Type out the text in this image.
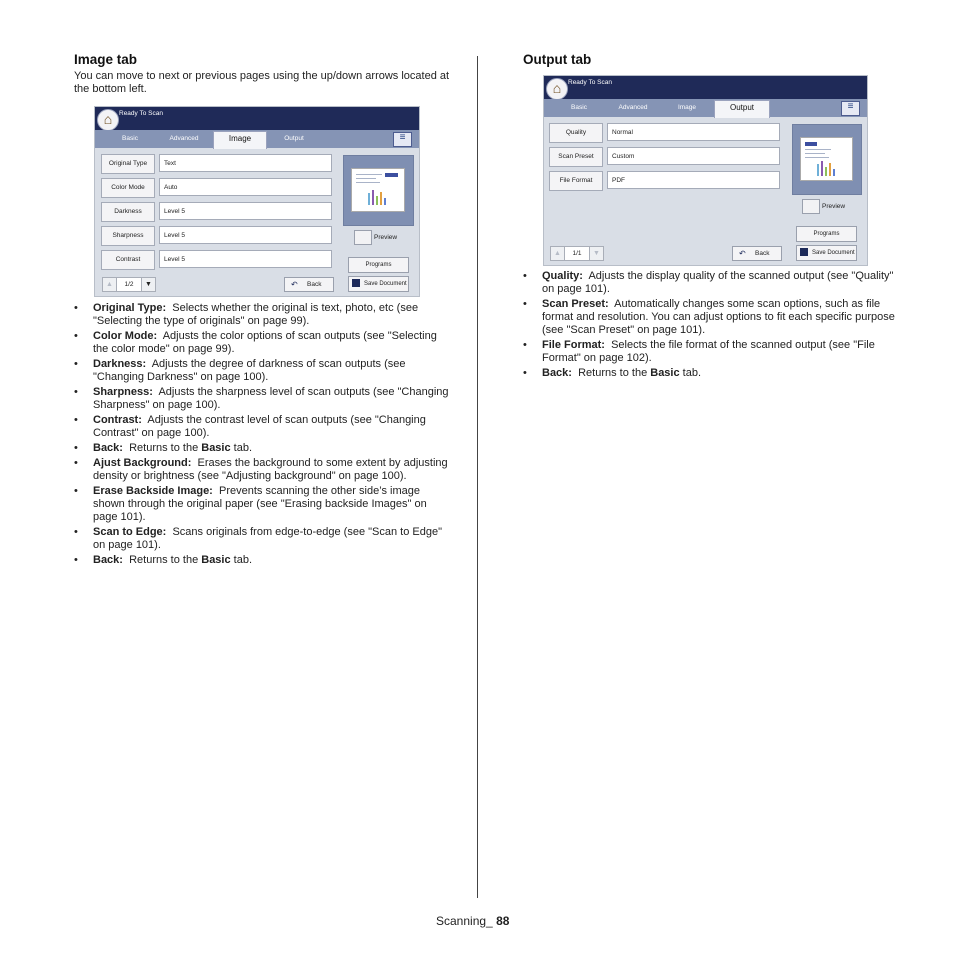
Image tab

You can move to next or previous pages using the up/down arrows located at the bottom left.

⌂
Ready To Scan
Basic	Advanced	Image	Output
≡
Original Type	Text
Color Mode	Auto
Darkness	Level 5
Sharpness	Level 5
Contrast	Level 5
Preview
Programs
Save Document
▲	1/2	▼	↶ Back
• Original Type: Selects whether the original is text, photo, etc (see "Selecting the type of originals" on page 99).
• Color Mode: Adjusts the color options of scan outputs (see "Selecting the color mode" on page 99).
• Darkness: Adjusts the degree of darkness of scan outputs (see "Changing Darkness" on page 100).
• Sharpness: Adjusts the sharpness level of scan outputs (see "Changing Sharpness" on page 100).
• Contrast: Adjusts the contrast level of scan outputs (see "Changing Contrast" on page 100).
• Back: Returns to the Basic tab.
• Ajust Background: Erases the background to some extent by adjusting density or brightness (see "Adjusting background" on page 100).
• Erase Backside Image: Prevents scanning the other side’s image shown through the original paper (see "Erasing backside Images" on page 101).
• Scan to Edge: Scans originals from edge-to-edge (see "Scan to Edge" on page 101).
• Back: Returns to the Basic tab.
Output tab
⌂
Ready To Scan
Basic	Advanced	Image	Output
≡
Quality	Normal
Scan Preset	Custom
File Format	PDF
Preview
Programs
Save Document
▲	1/1	▼	↶ Back
• Quality: Adjusts the display quality of the scanned output (see "Quality" on page 101).
• Scan Preset: Automatically changes some scan options, such as file format and resolution. You can adjust options to fit each specific purpose (see "Scan Preset" on page 101).
• File Format: Selects the file format of the scanned output (see "File Format" on page 102).
• Back: Returns to the Basic tab.
Scanning_ 88
